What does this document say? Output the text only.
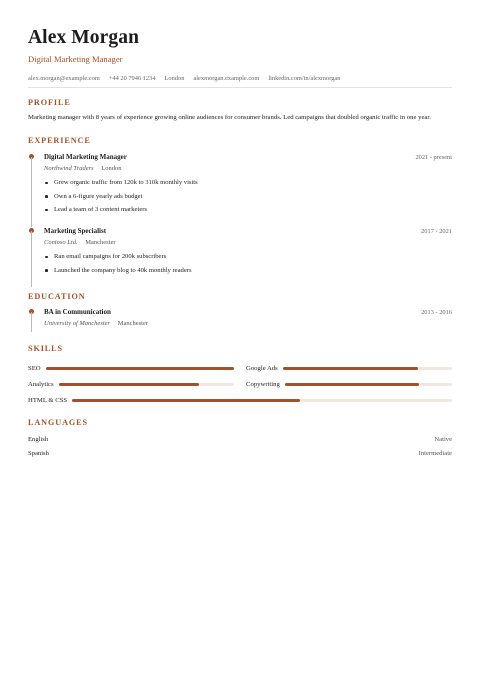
Alex Morgan
Digital Marketing Manager
alex.morgan@example.com +44 20 7946 1234 London alexmorgan.example.com linkedin.com/in/alexmorgan
PROFILE
Marketing manager with 8 years of experience growing online audiences for consumer brands. Led campaigns that doubled organic traffic in one year.
EXPERIENCE
Digital Marketing Manager	2021 - present
Northwind Traders London
Grew organic traffic from 120k to 310k monthly visits
Own a 6-figure yearly ads budget
Lead a team of 3 content marketers
Marketing Specialist	2017 - 2021
Contoso Ltd. Manchester
Ran email campaigns for 200k subscribers
Launched the company blog to 40k monthly readers
EDUCATION
BA in Communication	2013 - 2016
University of Manchester Manchester
SKILLS
SEO	Google Ads
Analytics	Copywriting
HTML & CSS
LANGUAGES
English	Native
Spanish	Intermediate
